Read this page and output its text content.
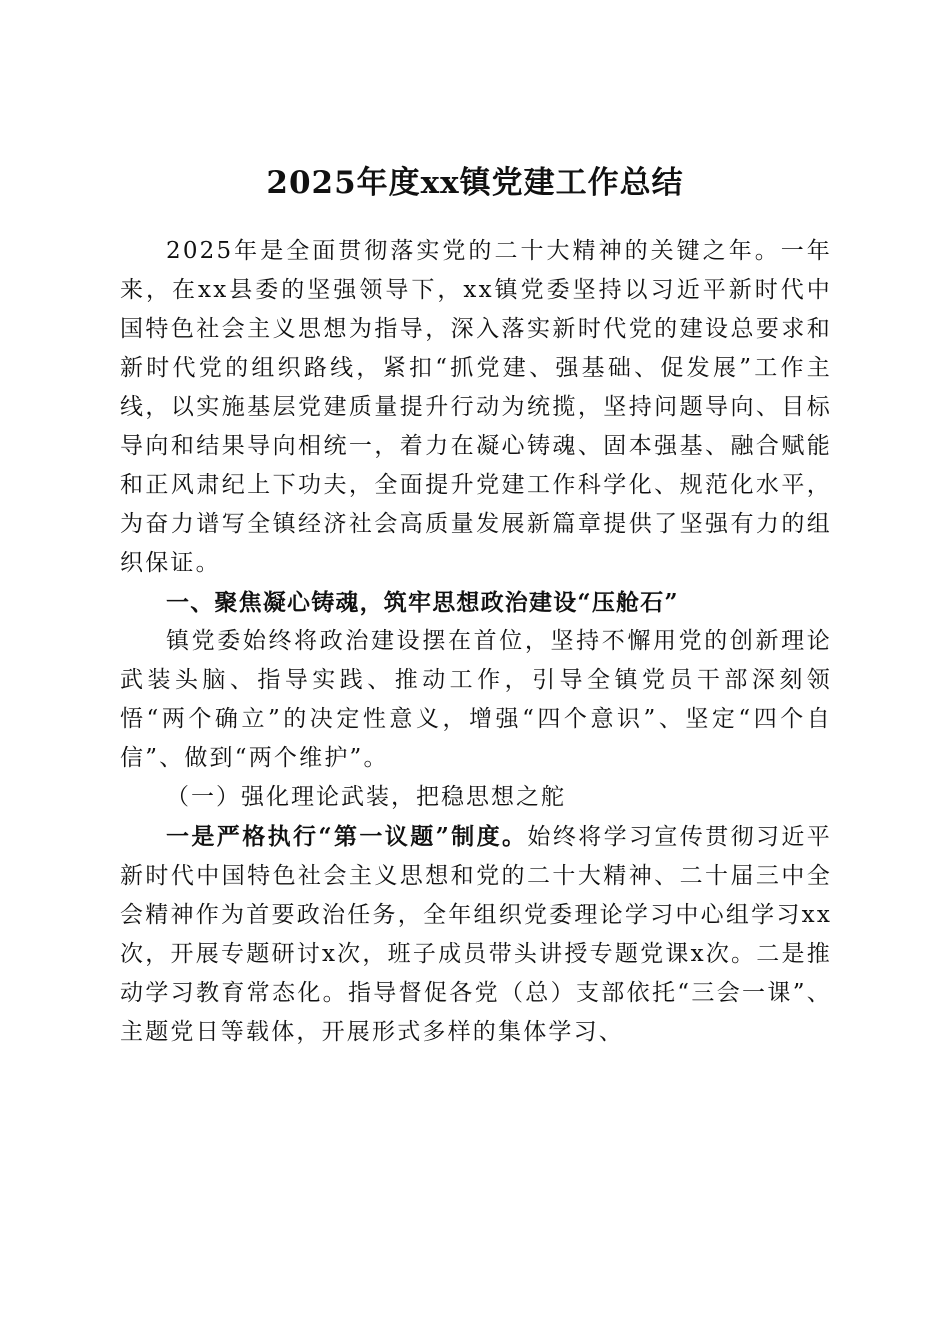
2025年度xx镇党建工作总结

2025年是全面贯彻落实党的二十大精神的关键之年。一年来，在xx县委的坚强领导下，xx镇党委坚持以习近平新时代中国特色社会主义思想为指导，深入落实新时代党的建设总要求和新时代党的组织路线，紧扣“抓党建、强基础、促发展”工作主线，以实施基层党建质量提升行动为统揽，坚持问题导向、目标导向和结果导向相统一，着力在凝心铸魂、固本强基、融合赋能和正风肃纪上下功夫，全面提升党建工作科学化、规范化水平，为奋力谱写全镇经济社会高质量发展新篇章提供了坚强有力的组织保证。

一、聚焦凝心铸魂，筑牢思想政治建设“压舱石”

镇党委始终将政治建设摆在首位，坚持不懈用党的创新理论武装头脑、指导实践、推动工作，引导全镇党员干部深刻领悟“两个确立”的决定性意义，增强“四个意识”、坚定“四个自信”、做到“两个维护”。

（一）强化理论武装，把稳思想之舵

一是严格执行“第一议题”制度。始终将学习宣传贯彻习近平新时代中国特色社会主义思想和党的二十大精神、二十届三中全会精神作为首要政治任务，全年组织党委理论学习中心组学习xx次，开展专题研讨x次，班子成员带头讲授专题党课x次。二是推动学习教育常态化。指导督促各党（总）支部依托“三会一课”、主题党日等载体，开展形式多样的集体学习、
